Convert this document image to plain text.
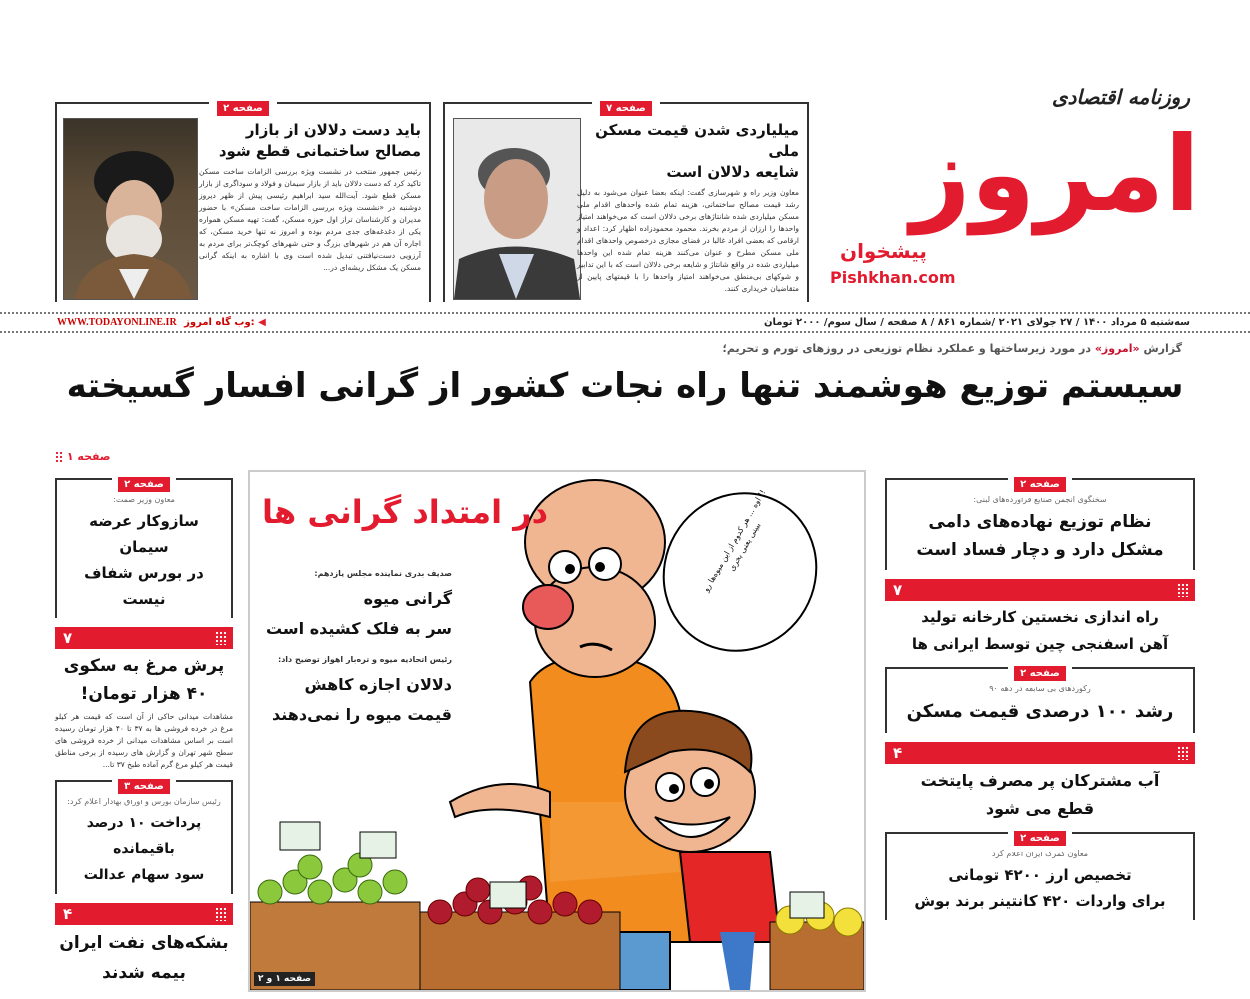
روزنامه اقتصادی
امروز
پیشخوان
Pishkhan.com
صفحه ۲
باید دست دلالان از بازار
مصالح ساختمانی قطع شود
رئیس جمهور منتخب در نشست ویژه بررسی الزامات ساخت مسکن تاکید کرد که دست دلالان باید از بازار سیمان و فولاد و سوداگری از بازار مسکن قطع شود. آیت‌الله سید ابراهیم رئیسی پیش از ظهر دیروز دوشنبه در «نشست ویژه بررسی الزامات ساخت مسکن» با حضور مدیران و کارشناسان تراز اول حوزه مسکن، گفت: تهیه مسکن همواره یکی از دغدغه‌های جدی مردم بوده و امروز نه تنها خرید مسکن، که اجاره آن هم در شهرهای بزرگ و حتی شهرهای کوچک‌تر برای مردم به آرزویی دست‌نیافتنی تبدیل شده است وی با اشاره به اینکه گرانی مسکن یک مشکل ریشه‌ای در...
صفحه ۷
میلیاردی شدن قیمت مسکن ملی
شایعه دلالان است
معاون وزیر راه و شهرسازی گفت: اینکه بعضا عنوان می‌شود به دلیل رشد قیمت مصالح ساختمانی، هزینه تمام شده واحدهای اقدام ملی مسکن میلیاردی شده شانتاژهای برخی دلالان است که می‌خواهند امتیاز واحدها را ارزان از مردم بخرند. محمود محمودزاده اظهار کرد: اعداد و ارقامی که بعضی افراد غالبا در فضای مجازی درخصوص واحدهای اقدام ملی مسکن مطرح و عنوان می‌کنند هزینه تمام شده این واحدها میلیاردی شده در واقع شانتاژ و شایعه برخی دلالان است که با این تدابیر و شوکهای بی‌منطق می‌خواهند امتیاز واحدها را با قیمتهای پایین از متقاضیان خریداری کنند.
سه‌شنبه ۵ مرداد ۱۴۰۰ / ۲۷ جولای ۲۰۲۱ /شماره ۸۶۱ / ۸ صفحه / سال سوم/ ۲۰۰۰ تومان
WWW.TODAYONLINE.IR وب گاه امروز: ◀
گزارش «امروز» در مورد زیرساختها و عملکرد نظام توزیعی در روزهای تورم و تحریم؛
سیستم توزیع هوشمند تنها راه نجات کشور از گرانی افسار گسیخته
صفحه ۱
صفحه ۲
معاون وزیر صمت:
سازوکار عرضه سیمان
در بورس شفاف نیست
۷
پرش مرغ به سکوی
۴۰ هزار تومان!
مشاهدات میدانی حاکی از آن است که قیمت هر کیلو مرغ در خرده فروشی ها به ۳۷ تا ۴۰ هزار تومان رسیده است بر اساس مشاهدات میدانی از خرده فروشی های سطح شهر تهران و گزارش های رسیده از برخی مناطق قیمت هر کیلو مرغ گرم آماده طبخ ۳۷ تا...
صفحه ۳
رئیس سازمان بورس و اوراق بهادار اعلام کرد:
پرداخت ۱۰ درصد باقیمانده
سود سهام عدالت
۴
بشکه‌های نفت ایران
بیمه شدند
!! اوه ... هر کدوم از این میوه‌ها رو ببینی یعنی بخری
در امتداد گرانی ها
صدیف بدری نماینده مجلس یازدهم:
گرانی میوه
سر به فلک کشیده است
رئیس اتحادیه میوه و تره‌بار اهواز توضیح داد:
دلالان اجازه کاهش
قیمت میوه را نمی‌دهند
صفحه ۱ و ۲
صفحه ۲
سخنگوی انجمن صنایع فراورده‌های لبنی:
نظام توزیع نهاده‌های دامی
مشکل دارد و دچار فساد است
۷
راه اندازی نخستین کارخانه تولید
آهن اسفنجی چین توسط ایرانی ها
صفحه ۲
رکوردهای بی سابقه در دهه ۹۰
رشد ۱۰۰ درصدی قیمت مسکن
۴
آب مشترکان پر مصرف پایتخت
قطع می شود
صفحه ۲
معاون گمرک ایران اعلام کرد
تخصیص ارز ۴۲۰۰ تومانی
برای واردات ۴۲۰ کانتینر برند بوش
